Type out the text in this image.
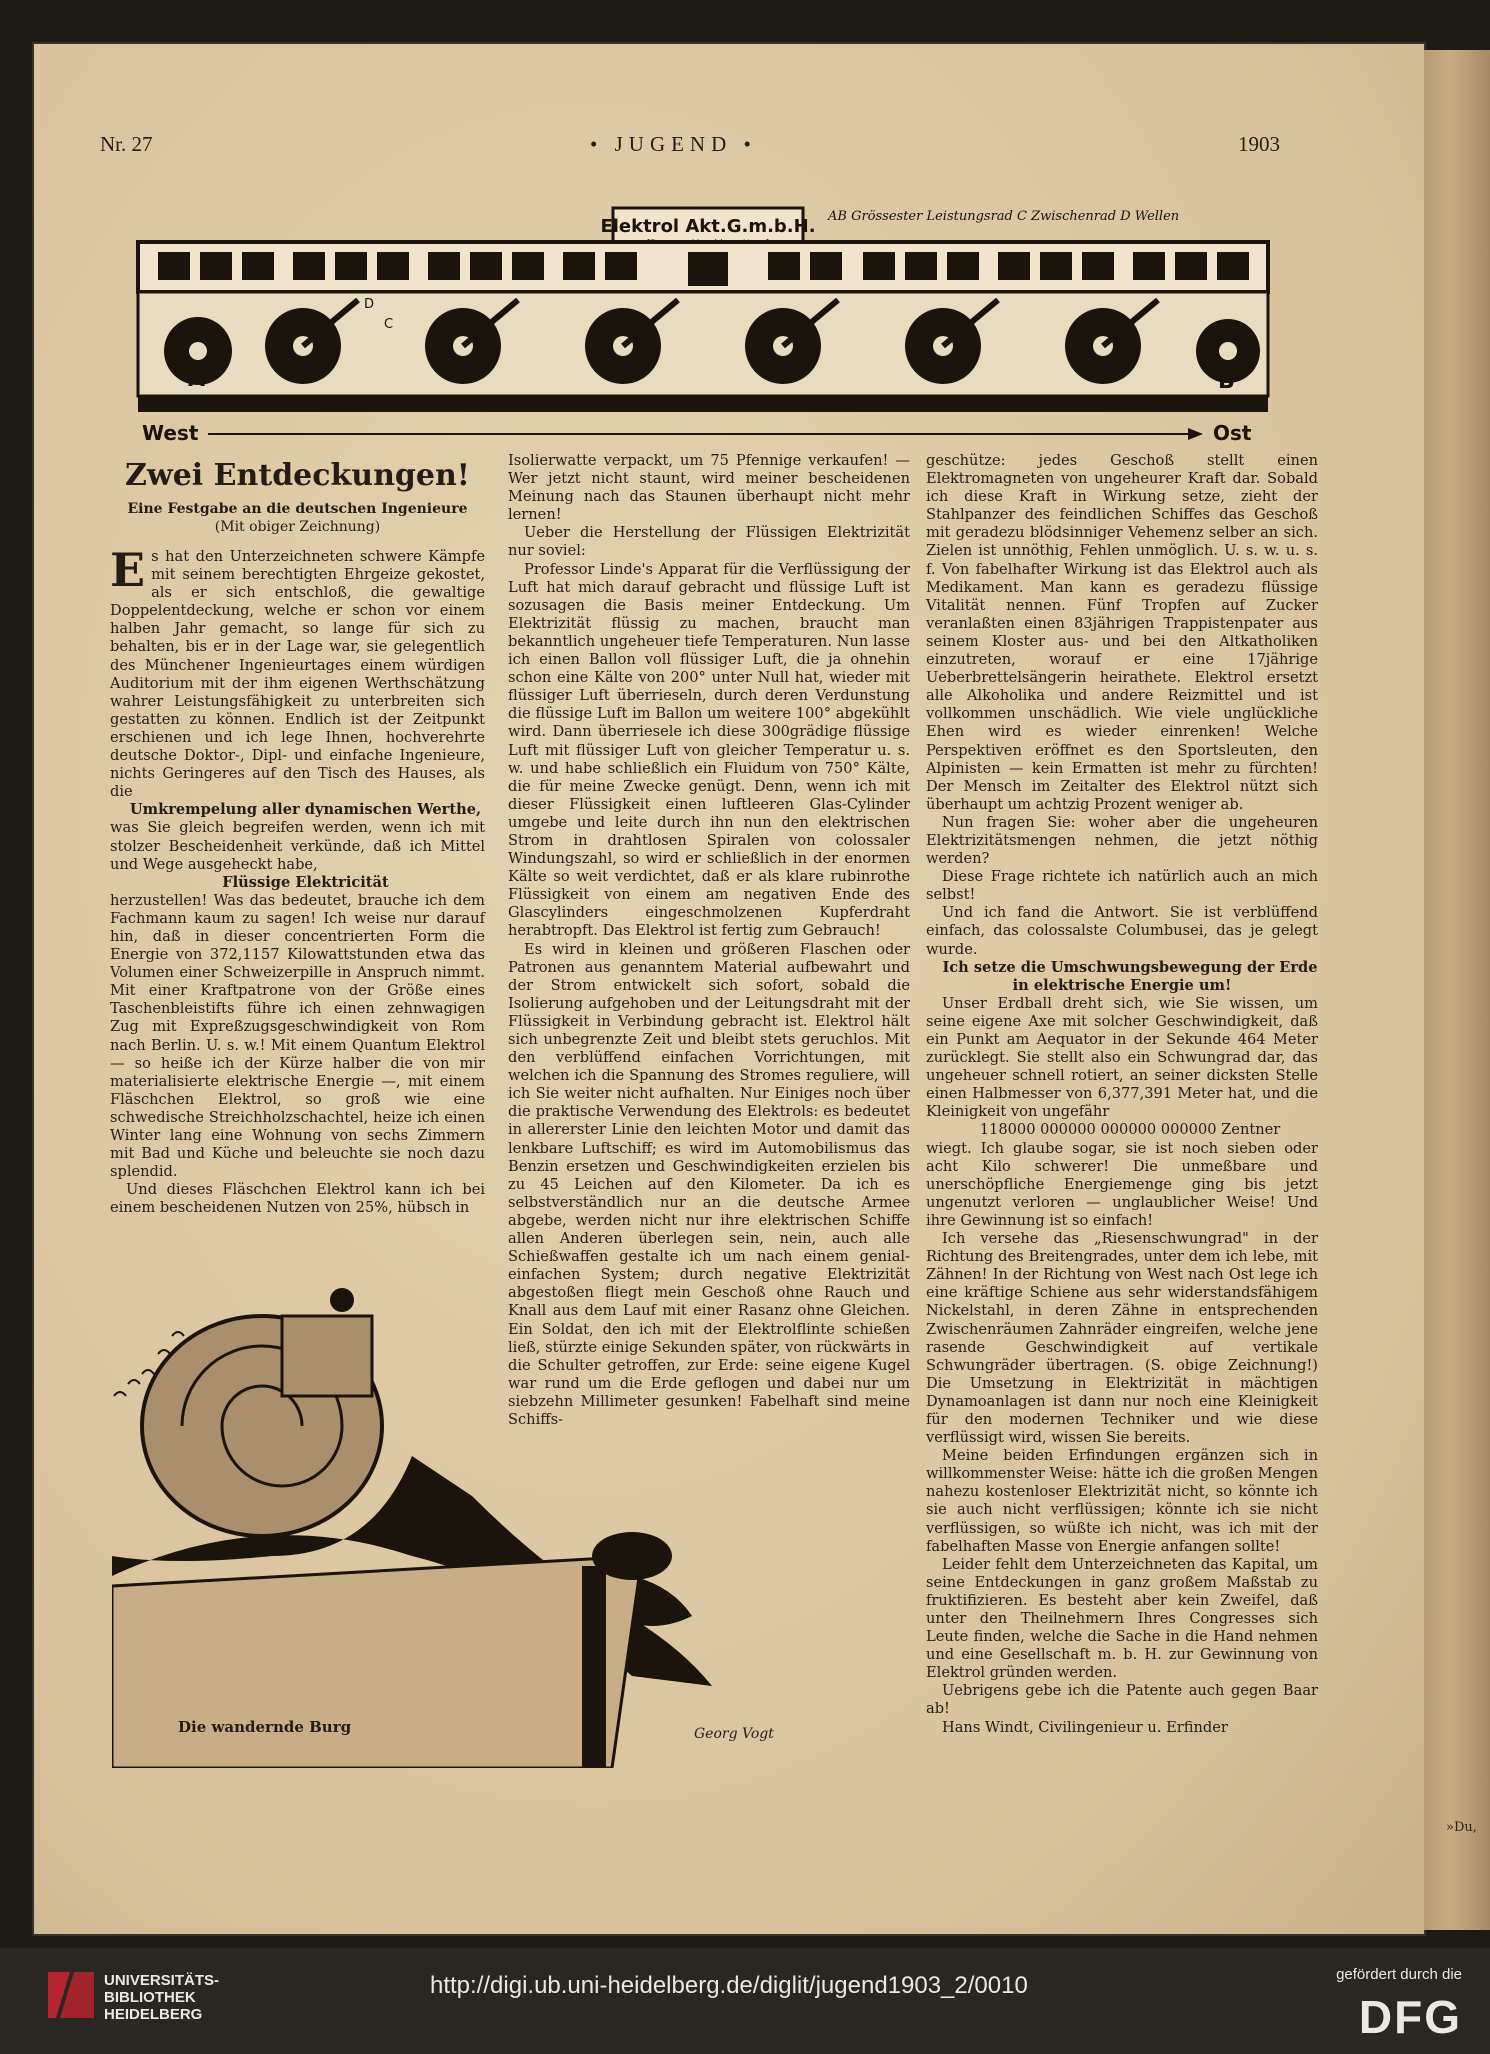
»Du,
Nr. 27	• JUGEND •	1903
Elektrol Akt.G.m.b.H. AB Grössester Leistungsrad C Zwischenrad D Wellen
A	B
C
D
West	Ost
Zwei Entdeckungen!
Eine Festgabe an die deutschen Ingenieure
(Mit obiger Zeichnung)

Es hat den Unterzeichneten schwere Kämpfe mit seinem berechtigten Ehrgeize gekostet, als er sich entschloß, die gewaltige Doppelentdeckung, welche er schon vor einem halben Jahr gemacht, so lange für sich zu behalten, bis er in der Lage war, sie gelegentlich des Münchener Ingenieurtages einem würdigen Auditorium mit der ihm eigenen Werthschätzung wahrer Leistungsfähigkeit zu unterbreiten sich gestatten zu können. Endlich ist der Zeitpunkt erschienen und ich lege Ihnen, hochverehrte deutsche Doktor-, Dipl- und einfache Ingenieure, nichts Geringeres auf den Tisch des Hauses, als die

Umkrempelung aller dynamischen Werthe,

was Sie gleich begreifen werden, wenn ich mit stolzer Bescheidenheit verkünde, daß ich Mittel und Wege ausgeheckt habe,

Flüssige Elektricität

herzustellen! Was das bedeutet, brauche ich dem Fachmann kaum zu sagen! Ich weise nur darauf hin, daß in dieser concentrierten Form die Energie von 372,1157 Kilowattstunden etwa das Volumen einer Schweizerpille in Anspruch nimmt. Mit einer Kraftpatrone von der Größe eines Taschenbleistifts führe ich einen zehnwagigen Zug mit Expreßzugsgeschwindigkeit von Rom nach Berlin. U. s. w.! Mit einem Quantum Elektrol — so heiße ich der Kürze halber die von mir materialisierte elektrische Energie —, mit einem Fläschchen Elektrol, so groß wie eine schwedische Streichholzschachtel, heize ich einen Winter lang eine Wohnung von sechs Zimmern mit Bad und Küche und beleuchte sie noch dazu splendid.

Und dieses Fläschchen Elektrol kann ich bei einem bescheidenen Nutzen von 25%, hübsch in

Isolierwatte verpackt, um 75 Pfennige verkaufen! — Wer jetzt nicht staunt, wird meiner bescheidenen Meinung nach das Staunen überhaupt nicht mehr lernen!

Ueber die Herstellung der Flüssigen Elektrizität nur soviel:

Professor Linde's Apparat für die Verflüssigung der Luft hat mich darauf gebracht und flüssige Luft ist sozusagen die Basis meiner Entdeckung. Um Elektrizität flüssig zu machen, braucht man bekanntlich ungeheuer tiefe Temperaturen. Nun lasse ich einen Ballon voll flüssiger Luft, die ja ohnehin schon eine Kälte von 200° unter Null hat, wieder mit flüssiger Luft überrieseln, durch deren Verdunstung die flüssige Luft im Ballon um weitere 100° abgekühlt wird. Dann überriesele ich diese 300grädige flüssige Luft mit flüssiger Luft von gleicher Temperatur u. s. w. und habe schließlich ein Fluidum von 750° Kälte, die für meine Zwecke genügt. Denn, wenn ich mit dieser Flüssigkeit einen luftleeren Glas-Cylinder umgebe und leite durch ihn nun den elektrischen Strom in drahtlosen Spiralen von colossaler Windungszahl, so wird er schließlich in der enormen Kälte so weit verdichtet, daß er als klare rubinrothe Flüssigkeit von einem am negativen Ende des Glascylinders eingeschmolzenen Kupferdraht herabtropft. Das Elektrol ist fertig zum Gebrauch!

Es wird in kleinen und größeren Flaschen oder Patronen aus genanntem Material aufbewahrt und der Strom entwickelt sich sofort, sobald die Isolierung aufgehoben und der Leitungsdraht mit der Flüssigkeit in Verbindung gebracht ist. Elektrol hält sich unbegrenzte Zeit und bleibt stets geruchlos. Mit den verblüffend einfachen Vorrichtungen, mit welchen ich die Spannung des Stromes reguliere, will ich Sie weiter nicht aufhalten. Nur Einiges noch über die praktische Verwendung des Elektrols: es bedeutet in allererster Linie den leichten Motor und damit das lenkbare Luftschiff; es wird im Automobilismus das Benzin ersetzen und Geschwindigkeiten erzielen bis zu 45 Leichen auf den Kilometer. Da ich es selbstverständlich nur an die deutsche Armee abgebe, werden nicht nur ihre elektrischen Schiffe allen Anderen überlegen sein, nein, auch alle Schießwaffen gestalte ich um nach einem genial-einfachen System; durch negative Elektrizität abgestoßen fliegt mein Geschoß ohne Rauch und Knall aus dem Lauf mit einer Rasanz ohne Gleichen. Ein Soldat, den ich mit der Elektrolflinte schießen ließ, stürzte einige Sekunden später, von rückwärts in die Schulter getroffen, zur Erde: seine eigene Kugel war rund um die Erde geflogen und dabei nur um siebzehn Millimeter gesunken! Fabelhaft sind meine Schiffs-

geschütze: jedes Geschoß stellt einen Elektromagneten von ungeheurer Kraft dar. Sobald ich diese Kraft in Wirkung setze, zieht der Stahlpanzer des feindlichen Schiffes das Geschoß mit geradezu blödsinniger Vehemenz selber an sich. Zielen ist unnöthig, Fehlen unmöglich. U. s. w. u. s. f. Von fabelhafter Wirkung ist das Elektrol auch als Medikament. Man kann es geradezu flüssige Vitalität nennen. Fünf Tropfen auf Zucker veranlaßten einen 83jährigen Trappistenpater aus seinem Kloster aus- und bei den Altkatholiken einzutreten, worauf er eine 17jährige Ueberbrettelsängerin heirathete. Elektrol ersetzt alle Alkoholika und andere Reizmittel und ist vollkommen unschädlich. Wie viele unglückliche Ehen wird es wieder einrenken! Welche Perspektiven eröffnet es den Sportsleuten, den Alpinisten — kein Ermatten ist mehr zu fürchten! Der Mensch im Zeitalter des Elektrol nützt sich überhaupt um achtzig Prozent weniger ab.

Nun fragen Sie: woher aber die ungeheuren Elektrizitätsmengen nehmen, die jetzt nöthig werden?

Diese Frage richtete ich natürlich auch an mich selbst!

Und ich fand die Antwort. Sie ist verblüffend einfach, das colossalste Columbusei, das je gelegt wurde.

Ich setze die Umschwungsbewegung der Erde in elektrische Energie um!

Unser Erdball dreht sich, wie Sie wissen, um seine eigene Axe mit solcher Geschwindigkeit, daß ein Punkt am Aequator in der Sekunde 464 Meter zurücklegt. Sie stellt also ein Schwungrad dar, das ungeheuer schnell rotiert, an seiner dicksten Stelle einen Halbmesser von 6,377,391 Meter hat, und die Kleinigkeit von ungefähr

118000 000000 000000 000000 Zentner

wiegt. Ich glaube sogar, sie ist noch sieben oder acht Kilo schwerer! Die unmeßbare und unerschöpfliche Energiemenge ging bis jetzt ungenutzt verloren — unglaublicher Weise! Und ihre Gewinnung ist so einfach!

Ich versehe das „Riesenschwungrad" in der Richtung des Breitengrades, unter dem ich lebe, mit Zähnen! In der Richtung von West nach Ost lege ich eine kräftige Schiene aus sehr widerstandsfähigem Nickelstahl, in deren Zähne in entsprechenden Zwischenräumen Zahnräder eingreifen, welche jene rasende Geschwindigkeit auf vertikale Schwungräder übertragen. (S. obige Zeichnung!) Die Umsetzung in Elektrizität in mächtigen Dynamoanlagen ist dann nur noch eine Kleinigkeit für den modernen Techniker und wie diese verflüssigt wird, wissen Sie bereits.

Meine beiden Erfindungen ergänzen sich in willkommenster Weise: hätte ich die großen Mengen nahezu kostenloser Elektrizität nicht, so könnte ich sie auch nicht verflüssigen; könnte ich sie nicht verflüssigen, so wüßte ich nicht, was ich mit der fabelhaften Masse von Energie anfangen sollte!

Leider fehlt dem Unterzeichneten das Kapital, um seine Entdeckungen in ganz großem Maßstab zu fruktifizieren. Es besteht aber kein Zweifel, daß unter den Theilnehmern Ihres Congresses sich Leute finden, welche die Sache in die Hand nehmen und eine Gesellschaft m. b. H. zur Gewinnung von Elektrol gründen werden.

Uebrigens gebe ich die Patente auch gegen Baar ab!

Hans Windt, Civilingenieur u. Erfinder

Die wandernde Burg	Georg Vogt
UNIVERSITÄTS-
BIBLIOTHEK
HEIDELBERG
http://digi.ub.uni-heidelberg.de/diglit/jugend1903_2/0010	gefördert durch die
DFG
